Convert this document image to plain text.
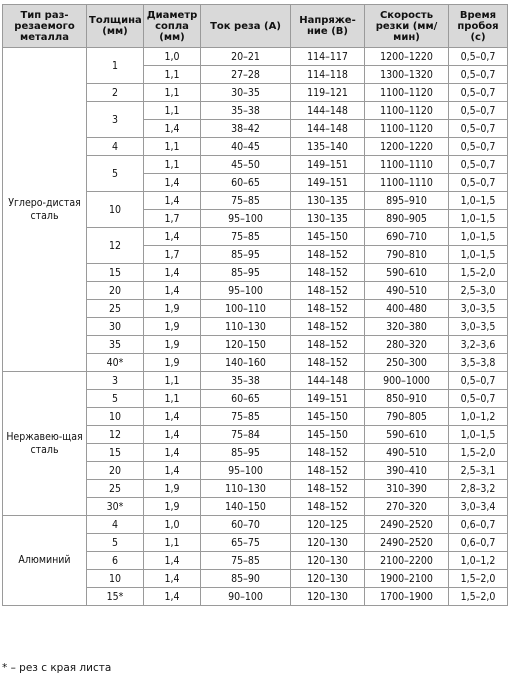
Тип раз-резаемого металла	Толщина (мм)	Диаметр сопла (мм)	Ток реза (А)	Напряже-ние (В)	Скорость резки (мм/мин)	Время пробоя (с)
Углеро-дистая сталь	1	1,0	20–21	114–117	1200–1220	0,5–0,7
		1,1	27–28	114–118	1300–1320	0,5–0,7
	2	1,1	30–35	119–121	1100–1120	0,5–0,7
	3	1,1	35–38	144–148	1100–1120	0,5–0,7
		1,4	38–42	144–148	1100–1120	0,5–0,7
	4	1,1	40–45	135–140	1200–1220	0,5–0,7
	5	1,1	45–50	149–151	1100–1110	0,5–0,7
		1,4	60–65	149–151	1100–1110	0,5–0,7
	10	1,4	75–85	130–135	895–910	1,0–1,5
		1,7	95–100	130–135	890–905	1,0–1,5
	12	1,4	75–85	145–150	690–710	1,0–1,5
		1,7	85–95	148–152	790–810	1,0–1,5
	15	1,4	85–95	148–152	590–610	1,5–2,0
	20	1,4	95–100	148–152	490–510	2,5–3,0
	25	1,9	100–110	148–152	400–480	3,0–3,5
	30	1,9	110–130	148–152	320–380	3,0–3,5
	35	1,9	120–150	148–152	280–320	3,2–3,6
	40*	1,9	140–160	148–152	250–300	3,5–3,8
Нержавею-щая сталь	3	1,1	35–38	144–148	900–1000	0,5–0,7
	5	1,1	60–65	149–151	850–910	0,5–0,7
	10	1,4	75–85	145–150	790–805	1,0–1,2
	12	1,4	75–84	145–150	590–610	1,0–1,5
	15	1,4	85–95	148–152	490–510	1,5–2,0
	20	1,4	95–100	148–152	390–410	2,5–3,1
	25	1,9	110–130	148–152	310–390	2,8–3,2
	30*	1,9	140–150	148–152	270–320	3,0–3,4
Алюминий	4	1,0	60–70	120–125	2490–2520	0,6–0,7
	5	1,1	65–75	120–130	2490–2520	0,6–0,7
	6	1,4	75–85	120–130	2100–2200	1,0–1,2
	10	1,4	85–90	120–130	1900–2100	1,5–2,0
	15*	1,4	90–100	120–130	1700–1900	1,5–2,0
* – рез с края листа
